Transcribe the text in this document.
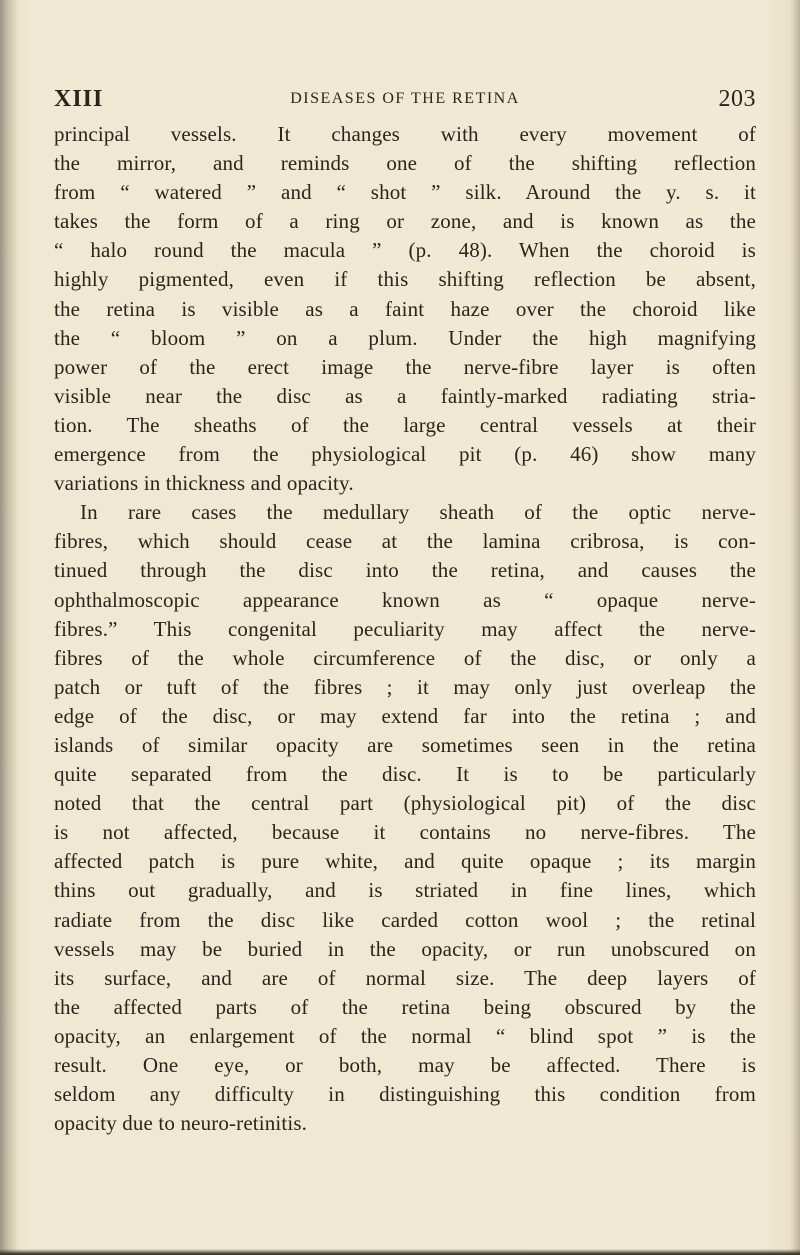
XIII	DISEASES OF THE RETINA	203
principal vessels. It changes with every movement of
the mirror, and reminds one of the shifting reflection
from “ watered ” and “ shot ” silk. Around the y. s. it
takes the form of a ring or zone, and is known as the
“ halo round the macula ” (p. 48). When the choroid is
highly pigmented, even if this shifting reflection be absent,
the retina is visible as a faint haze over the choroid like
the “ bloom ” on a plum. Under the high magnifying
power of the erect image the nerve-fibre layer is often
visible near the disc as a faintly-marked radiating stria-
tion. The sheaths of the large central vessels at their
emergence from the physiological pit (p. 46) show many
variations in thickness and opacity.
In rare cases the medullary sheath of the optic nerve-
fibres, which should cease at the lamina cribrosa, is con-
tinued through the disc into the retina, and causes the
ophthalmoscopic appearance known as “ opaque nerve-
fibres.” This congenital peculiarity may affect the nerve-
fibres of the whole circumference of the disc, or only a
patch or tuft of the fibres ; it may only just overleap the
edge of the disc, or may extend far into the retina ; and
islands of similar opacity are sometimes seen in the retina
quite separated from the disc. It is to be particularly
noted that the central part (physiological pit) of the disc
is not affected, because it contains no nerve-fibres. The
affected patch is pure white, and quite opaque ; its margin
thins out gradually, and is striated in fine lines, which
radiate from the disc like carded cotton wool ; the retinal
vessels may be buried in the opacity, or run unobscured on
its surface, and are of normal size. The deep layers of
the affected parts of the retina being obscured by the
opacity, an enlargement of the normal “ blind spot ” is the
result. One eye, or both, may be affected. There is
seldom any difficulty in distinguishing this condition from
opacity due to neuro-retinitis.
